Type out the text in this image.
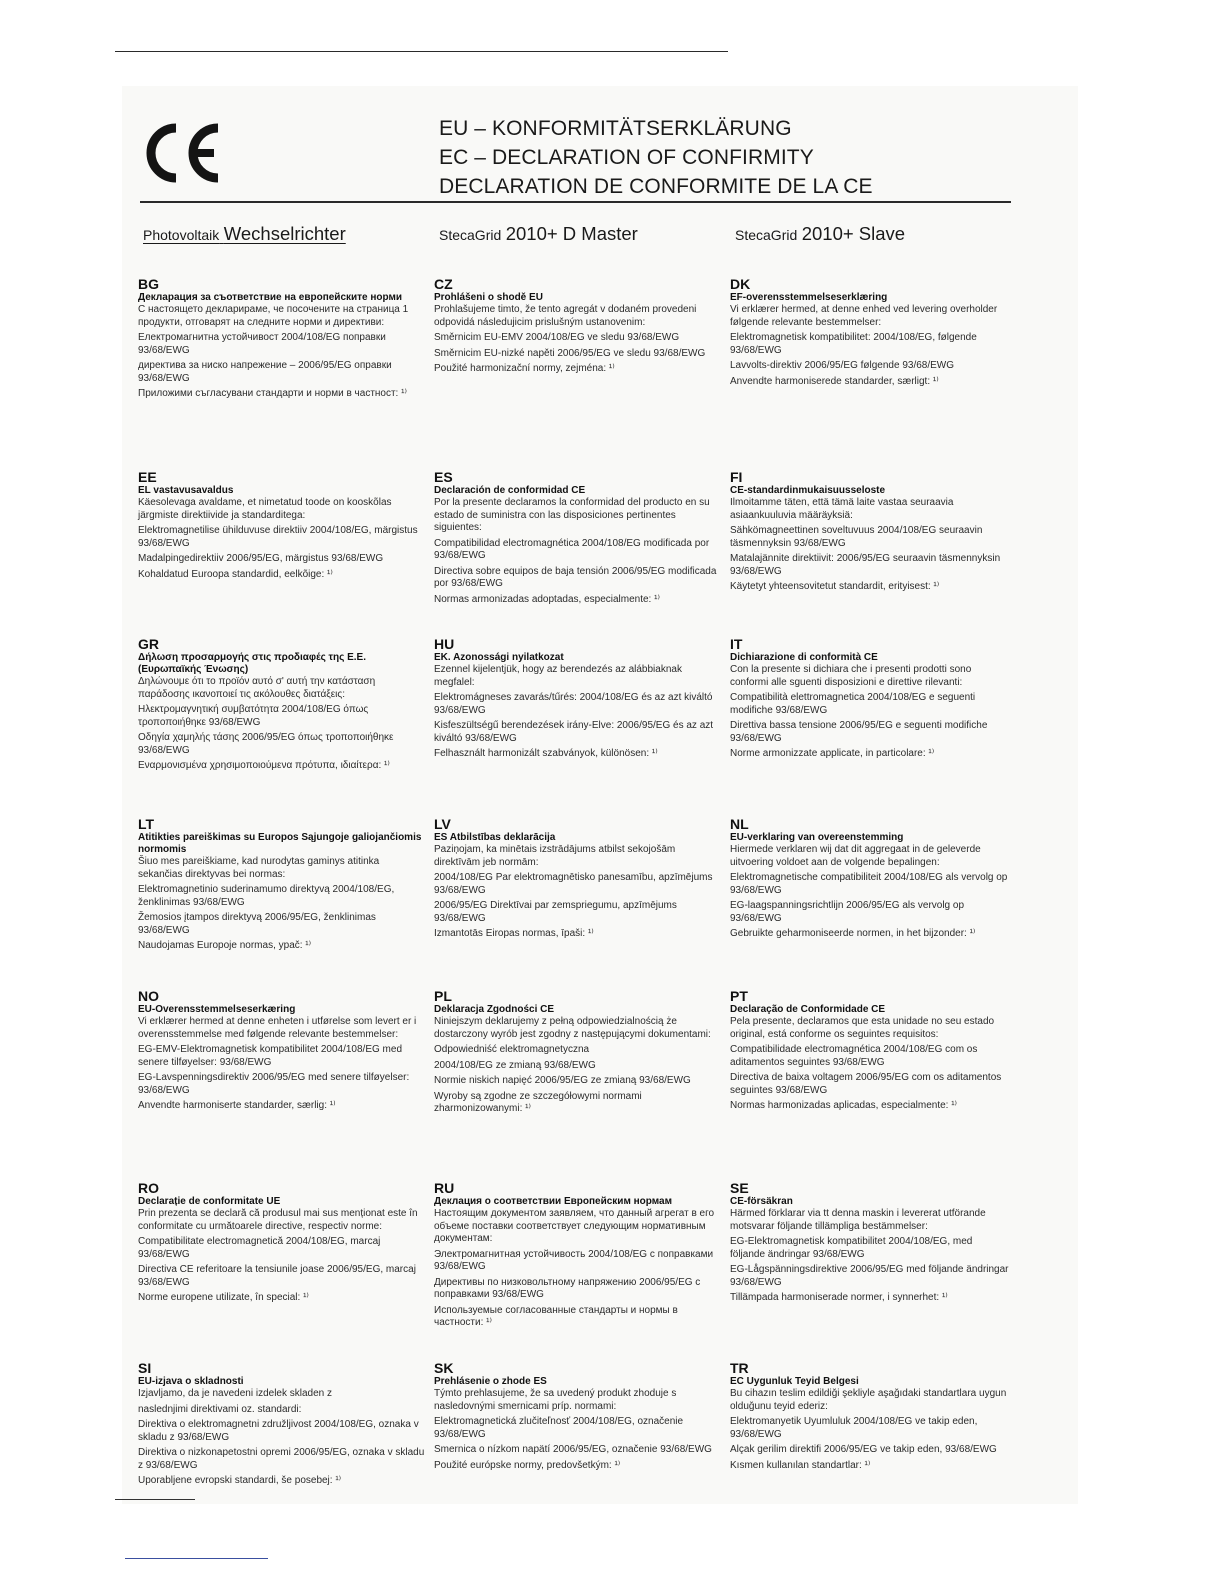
EU – KONFORMITÄTSERKLÄRUNG
EC – DECLARATION OF CONFIRMITY
DECLARATION DE CONFORMITE DE LA CE
Photovoltaik Wechselrichter	StecaGrid 2010+ D Master	StecaGrid 2010+ Slave
BG
Декларация за съответствие на европейските норми
С настоящето декларираме, че посочените на страница 1 продукти, отговарят на следните норми и директиви:
Електромагнитна устойчивост 2004/108/EG поправки 93/68/EWG
директива за ниско напрежение – 2006/95/EG оправки 93/68/EWG
Приложими съгласувани стандарти и норми в частност: ¹⁾
CZ
Prohlášeni o shodě EU
Prohlašujeme timto, že tento agregát v dodaném provedeni odpovidá následujicim prislušným ustanovenim:
Směrnicim EU-EMV 2004/108/EG ve sledu 93/68/EWG
Směrnicim EU-nizké napěti 2006/95/EG ve sledu 93/68/EWG
Použité harmonizační normy, zejména: ¹⁾
DK
EF-overensstemmelseserklæring
Vi erklærer hermed, at denne enhed ved levering overholder følgende relevante bestemmelser:
Elektromagnetisk kompatibilitet: 2004/108/EG, følgende 93/68/EWG
Lavvolts-direktiv 2006/95/EG følgende 93/68/EWG
Anvendte harmoniserede standarder, særligt: ¹⁾
EE
EL vastavusavaldus
Käesolevaga avaldame, et nimetatud toode on kooskõlas järgmiste direktiivide ja standarditega:
Elektromagnetilise ühilduvuse direktiiv 2004/108/EG, märgistus 93/68/EWG
Madalpingedirektiiv 2006/95/EG, märgistus 93/68/EWG
Kohaldatud Euroopa standardid, eelkõige: ¹⁾
ES
Declaración de conformidad CE
Por la presente declaramos la conformidad del producto en su estado de suministra con las disposiciones pertinentes siguientes:
Compatibilidad electromagnética 2004/108/EG modificada por 93/68/EWG
Directiva sobre equipos de baja tensión 2006/95/EG modificada por 93/68/EWG
Normas armonizadas adoptadas, especialmente: ¹⁾
FI
CE-standardinmukaisuusseloste
Ilmoitamme täten, että tämä laite vastaa seuraavia asiaankuuluvia määräyksiä:
Sähkömagneettinen soveltuvuus 2004/108/EG seuraavin täsmennyksin 93/68/EWG
Matalajännite direktiivit: 2006/95/EG seuraavin täsmennyksin 93/68/EWG
Käytetyt yhteensovitetut standardit, erityisest: ¹⁾
GR
Δήλωση προσαρμογής στις προδιαφές της Ε.Ε. (Ευρωπαϊκής Ένωσης)
Δηλώνουμε ότι το προϊόν αυτό σ' αυτή την κατάσταση παράδοσης ικανοποιεί τις ακόλουθες διατάξεις:
Ηλεκτρομαγνητική συμβατότητα 2004/108/EG όπως τροποποιήθηκε 93/68/EWG
Οδηγία χαμηλής τάσης 2006/95/EG όπως τροποποιήθηκε 93/68/EWG
Εναρμονισμένα χρησιμοποιούμενα πρότυπα, ιδιαίτερα: ¹⁾
HU
EK. Azonossági nyilatkozat
Ezennel kijelentjük, hogy az berendezés az alábbiaknak megfalel:
Elektromágneses zavarás/tűrés: 2004/108/EG és az azt kiváltó 93/68/EWG
Kisfeszültségű berendezések irány-Elve: 2006/95/EG és az azt kiváltó 93/68/EWG
Felhasznált harmonizált szabványok, különösen: ¹⁾
IT
Dichiarazione di conformità CE
Con la presente si dichiara che i presenti prodotti sono conformi alle sguenti disposizioni e direttive rilevanti:
Compatibilità elettromagnetica 2004/108/EG e seguenti modifiche 93/68/EWG
Direttiva bassa tensione 2006/95/EG e seguenti modifiche 93/68/EWG
Norme armonizzate applicate, in particolare: ¹⁾
LT
Atitikties pareiškimas su Europos Sąjungoje galiojančiomis normomis
Šiuo mes pareiškiame, kad nurodytas gaminys atitinka sekančias direktyvas bei normas:
Elektromagnetinio suderinamumo direktyvą 2004/108/EG, ženklinimas 93/68/EWG
Žemosios įtampos direktyvą 2006/95/EG, ženklinimas 93/68/EWG
Naudojamas Europoje normas, ypač: ¹⁾
LV
ES Atbilstības deklarācija
Paziņojam, ka minētais izstrādājums atbilst sekojošām direktīvām jeb normām:
2004/108/EG Par elektromagnētisko panesamību, apzīmējums 93/68/EWG
2006/95/EG Direktīvai par zemspriegumu, apzīmējums 93/68/EWG
Izmantotās Eiropas normas, īpaši: ¹⁾
NL
EU-verklaring van overeenstemming
Hiermede verklaren wij dat dit aggregaat in de geleverde uitvoering voldoet aan de volgende bepalingen:
Elektromagnetische compatibiliteit 2004/108/EG als vervolg op 93/68/EWG
EG-laagspanningsrichtlijn 2006/95/EG als vervolg op 93/68/EWG
Gebruikte geharmoniseerde normen, in het bijzonder: ¹⁾
NO
EU-Overensstemmelseserkæring
Vi erklærer hermed at denne enheten i utførelse som levert er i overensstemmelse med følgende relevante bestemmelser:
EG-EMV-Elektromagnetisk kompatibilitet 2004/108/EG med senere tilføyelser: 93/68/EWG
EG-Lavspenningsdirektiv 2006/95/EG med senere tilføyelser: 93/68/EWG
Anvendte harmoniserte standarder, særlig: ¹⁾
PL
Deklaracja Zgodności CE
Niniejszym deklarujemy z pełną odpowiedzialnością że dostarczony wyrób jest zgodny z następującymi dokumentami:
Odpowiedniść elektromagnetyczna
2004/108/EG ze zmianą 93/68/EWG
Normie niskich napięć 2006/95/EG ze zmianą 93/68/EWG
Wyroby są zgodne ze szczegółowymi normami zharmonizowanymi: ¹⁾
PT
Declaração de Conformidade CE
Pela presente, declaramos que esta unidade no seu estado original, está conforme os seguintes requisitos:
Compatibilidade electromagnética 2004/108/EG com os aditamentos seguintes 93/68/EWG
Directiva de baixa voltagem 2006/95/EG com os aditamentos seguintes 93/68/EWG
Normas harmonizadas aplicadas, especialmente: ¹⁾
RO
Declarație de conformitate UE
Prin prezenta se declară că produsul mai sus menționat este în conformitate cu următoarele directive, respectiv norme:
Compatibilitate electromagnetică 2004/108/EG, marcaj 93/68/EWG
Directiva CE referitoare la tensiunile joase 2006/95/EG, marcaj 93/68/EWG
Norme europene utilizate, în special: ¹⁾
RU
Деклация о соответствии Европейским нормам
Настоящим документом заявляем, что данный агрегат в его объеме поставки соответствует следующим нормативным документам:
Электромагнитная устойчивость 2004/108/EG с поправками 93/68/EWG
Директивы по низковольтному напряжению 2006/95/EG с поправками 93/68/EWG
Используемые согласованные стандарты и нормы в частности: ¹⁾
SE
CE-försäkran
Härmed förklarar via tt denna maskin i levererat utförande motsvarar följande tillämpliga bestämmelser:
EG-Elektromagnetisk kompatibilitet 2004/108/EG, med följande ändringar 93/68/EWG
EG-Lågspänningsdirektive 2006/95/EG med följande ändringar 93/68/EWG
Tillämpada harmoniserade normer, i synnerhet: ¹⁾
SI
EU-izjava o skladnosti
Izjavljamo, da je navedeni izdelek skladen z
naslednjimi direktivami oz. standardi:
Direktiva o elektromagnetni združljivost 2004/108/EG, oznaka v skladu z 93/68/EWG
Direktiva o nizkonapetostni opremi 2006/95/EG, oznaka v skladu z 93/68/EWG
Uporabljene evropski standardi, še posebej: ¹⁾
SK
Prehlásenie o zhode ES
Týmto prehlasujeme, že sa uvedený produkt zhoduje s nasledovnými smernicami príp. normami:
Elektromagnetická zlučiteľnosť 2004/108/EG, označenie 93/68/EWG
Smernica o nízkom napätí 2006/95/EG, označenie 93/68/EWG
Použité európske normy, predovšetkým: ¹⁾
TR
EC Uygunluk Teyid Belgesi
Bu cihazın teslim edildiği şekliyle aşağıdaki standartlara uygun olduğunu teyid ederiz:
Elektromanyetik Uyumluluk 2004/108/EG ve takip eden, 93/68/EWG
Alçak gerilim direktifi 2006/95/EG ve takip eden, 93/68/EWG
Kısmen kullanılan standartlar: ¹⁾
